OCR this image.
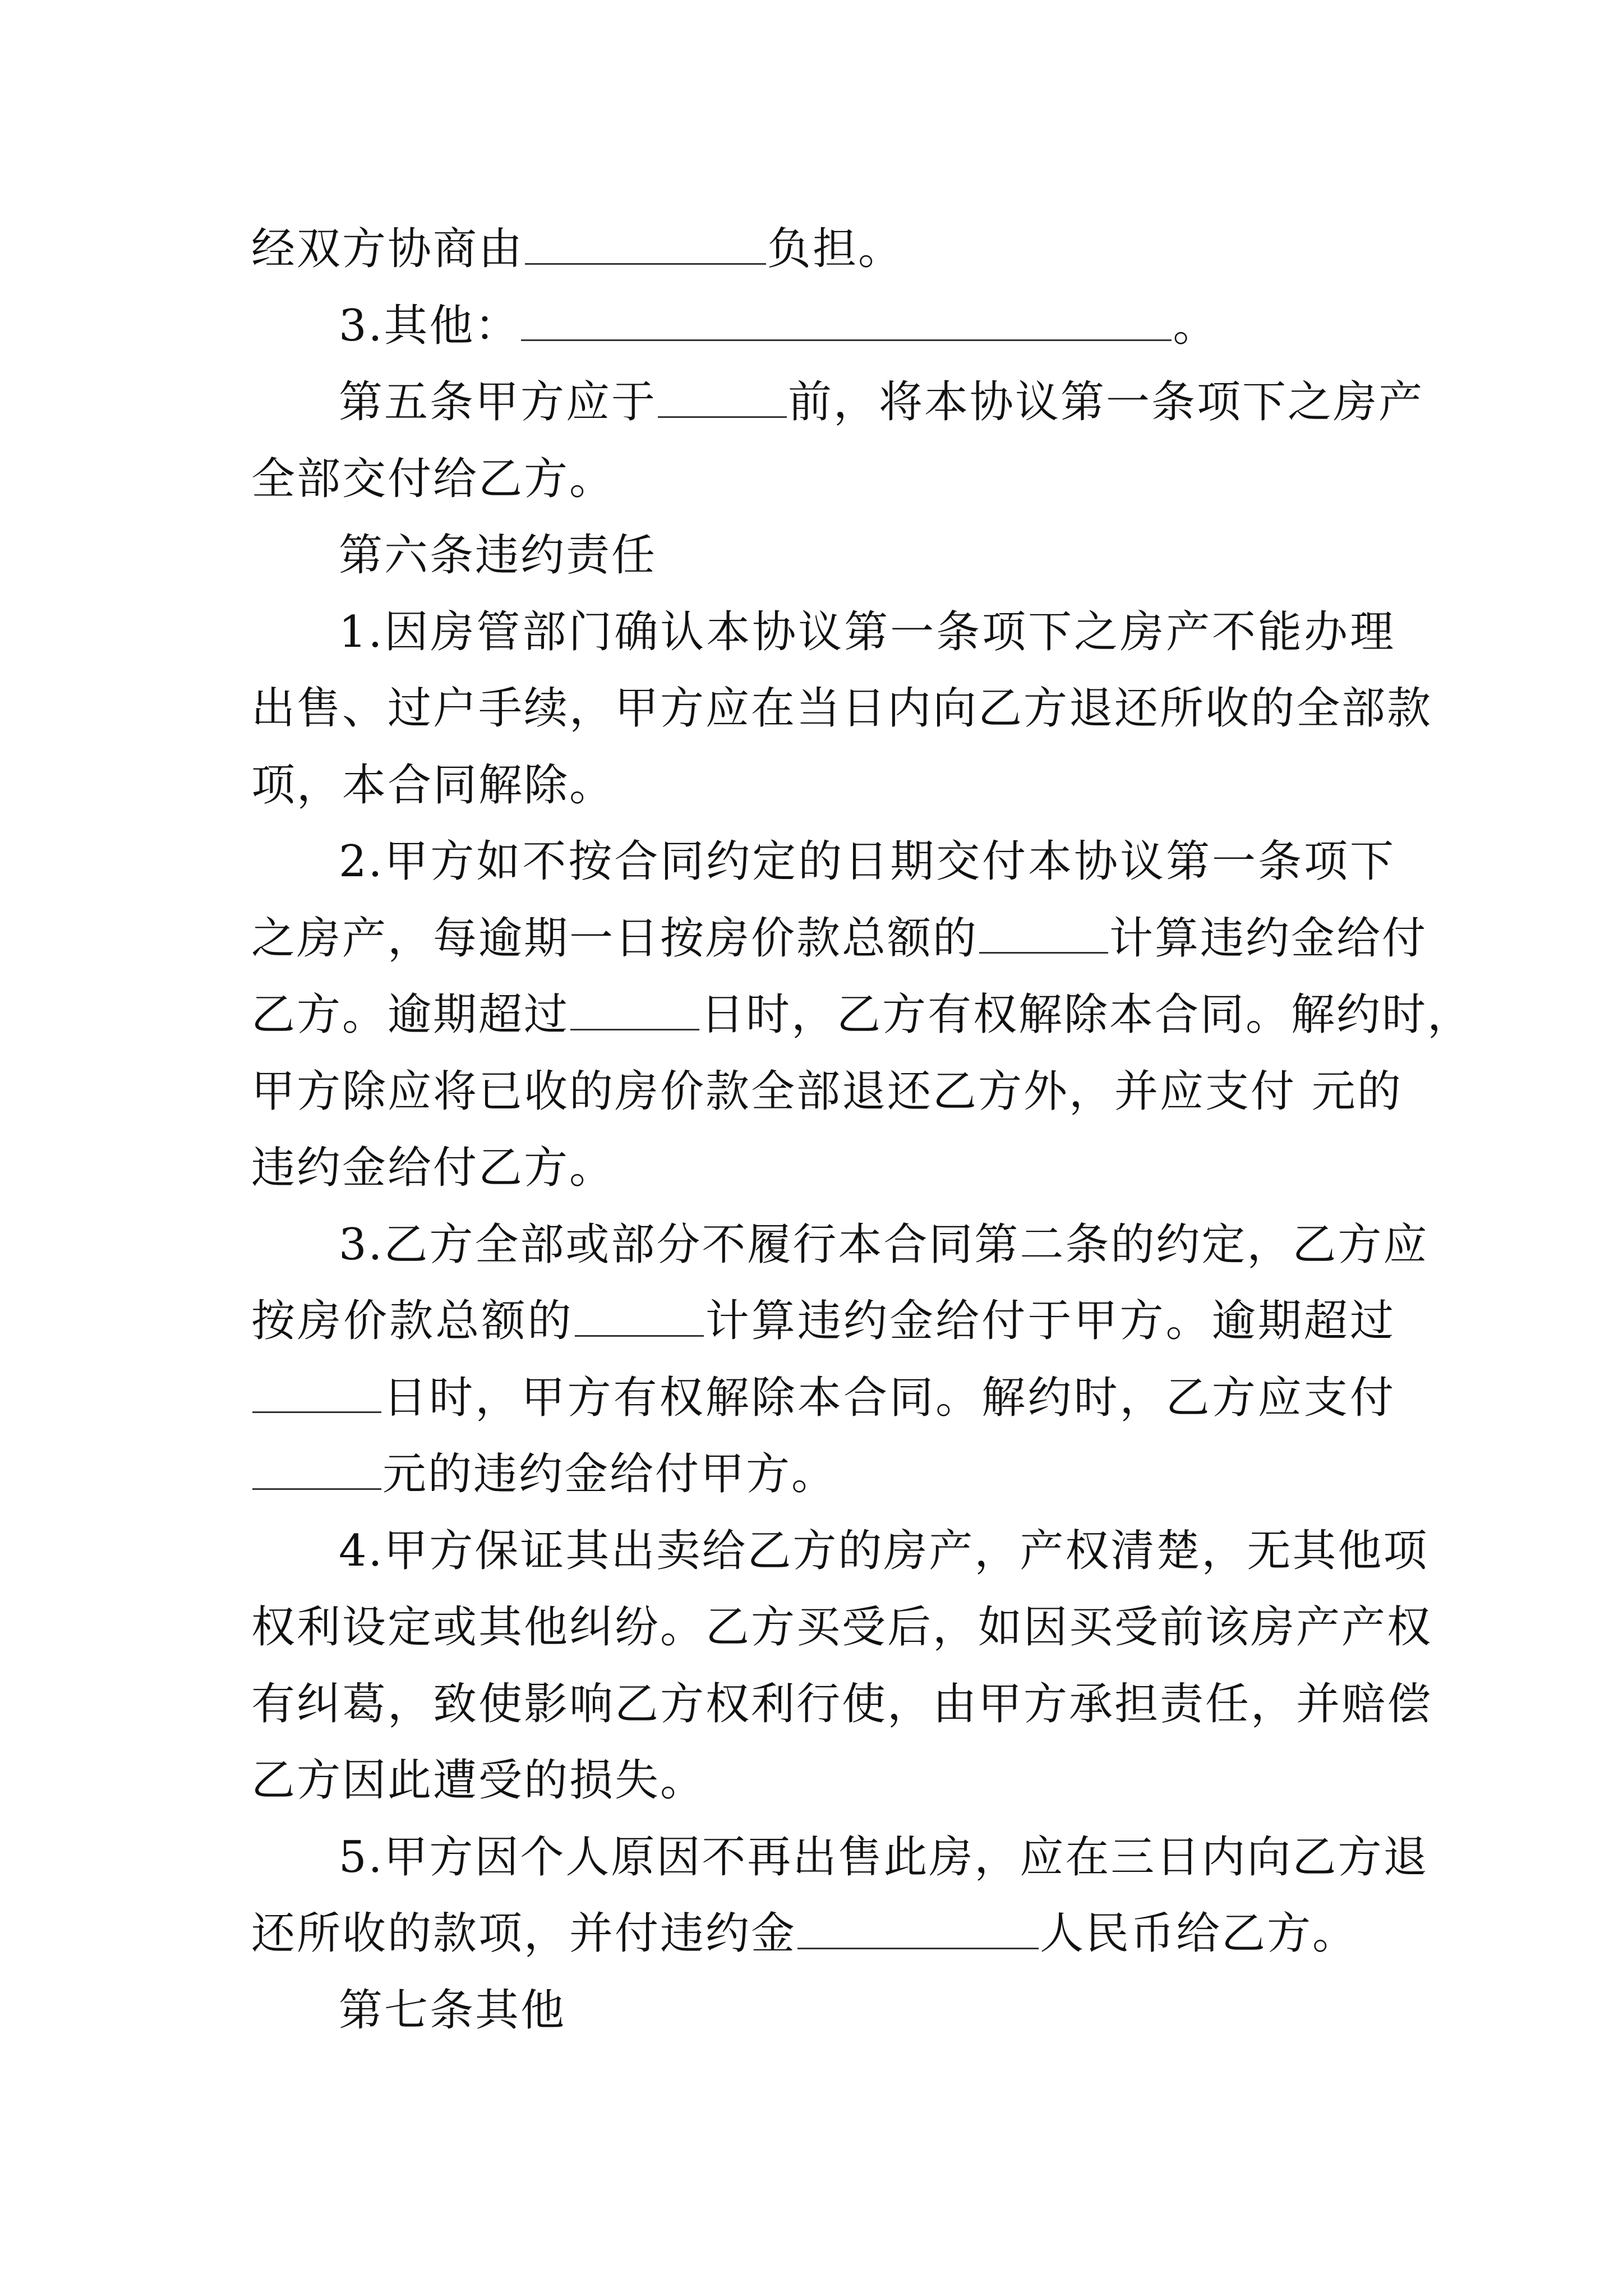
经双方协商由	负担。

3.其他：	。

第五条甲方应于	前，将本协议第一条项下之房产
全部交付给乙方。

第六条违约责任

1.因房管部门确认本协议第一条项下之房产不能办理
出售、过户手续，甲方应在当日内向乙方退还所收的全部款
项，本合同解除。

2.甲方如不按合同约定的日期交付本协议第一条项下
之房产，每逾期一日按房价款总额的	计算违约金给付
乙方。逾期超过	日时，乙方有权解除本合同。解约时，
甲方除应将已收的房价款全部退还乙方外，并应支付 元的
违约金给付乙方。

3.乙方全部或部分不履行本合同第二条的约定，乙方应
按房价款总额的	计算违约金给付于甲方。逾期超过
日时，甲方有权解除本合同。解约时，乙方应支付
元的违约金给付甲方。

4.甲方保证其出卖给乙方的房产，产权清楚，无其他项
权利设定或其他纠纷。乙方买受后，如因买受前该房产产权
有纠葛，致使影响乙方权利行使，由甲方承担责任，并赔偿
乙方因此遭受的损失。

5.甲方因个人原因不再出售此房，应在三日内向乙方退
还所收的款项，并付违约金	人民币给乙方。

第七条其他
